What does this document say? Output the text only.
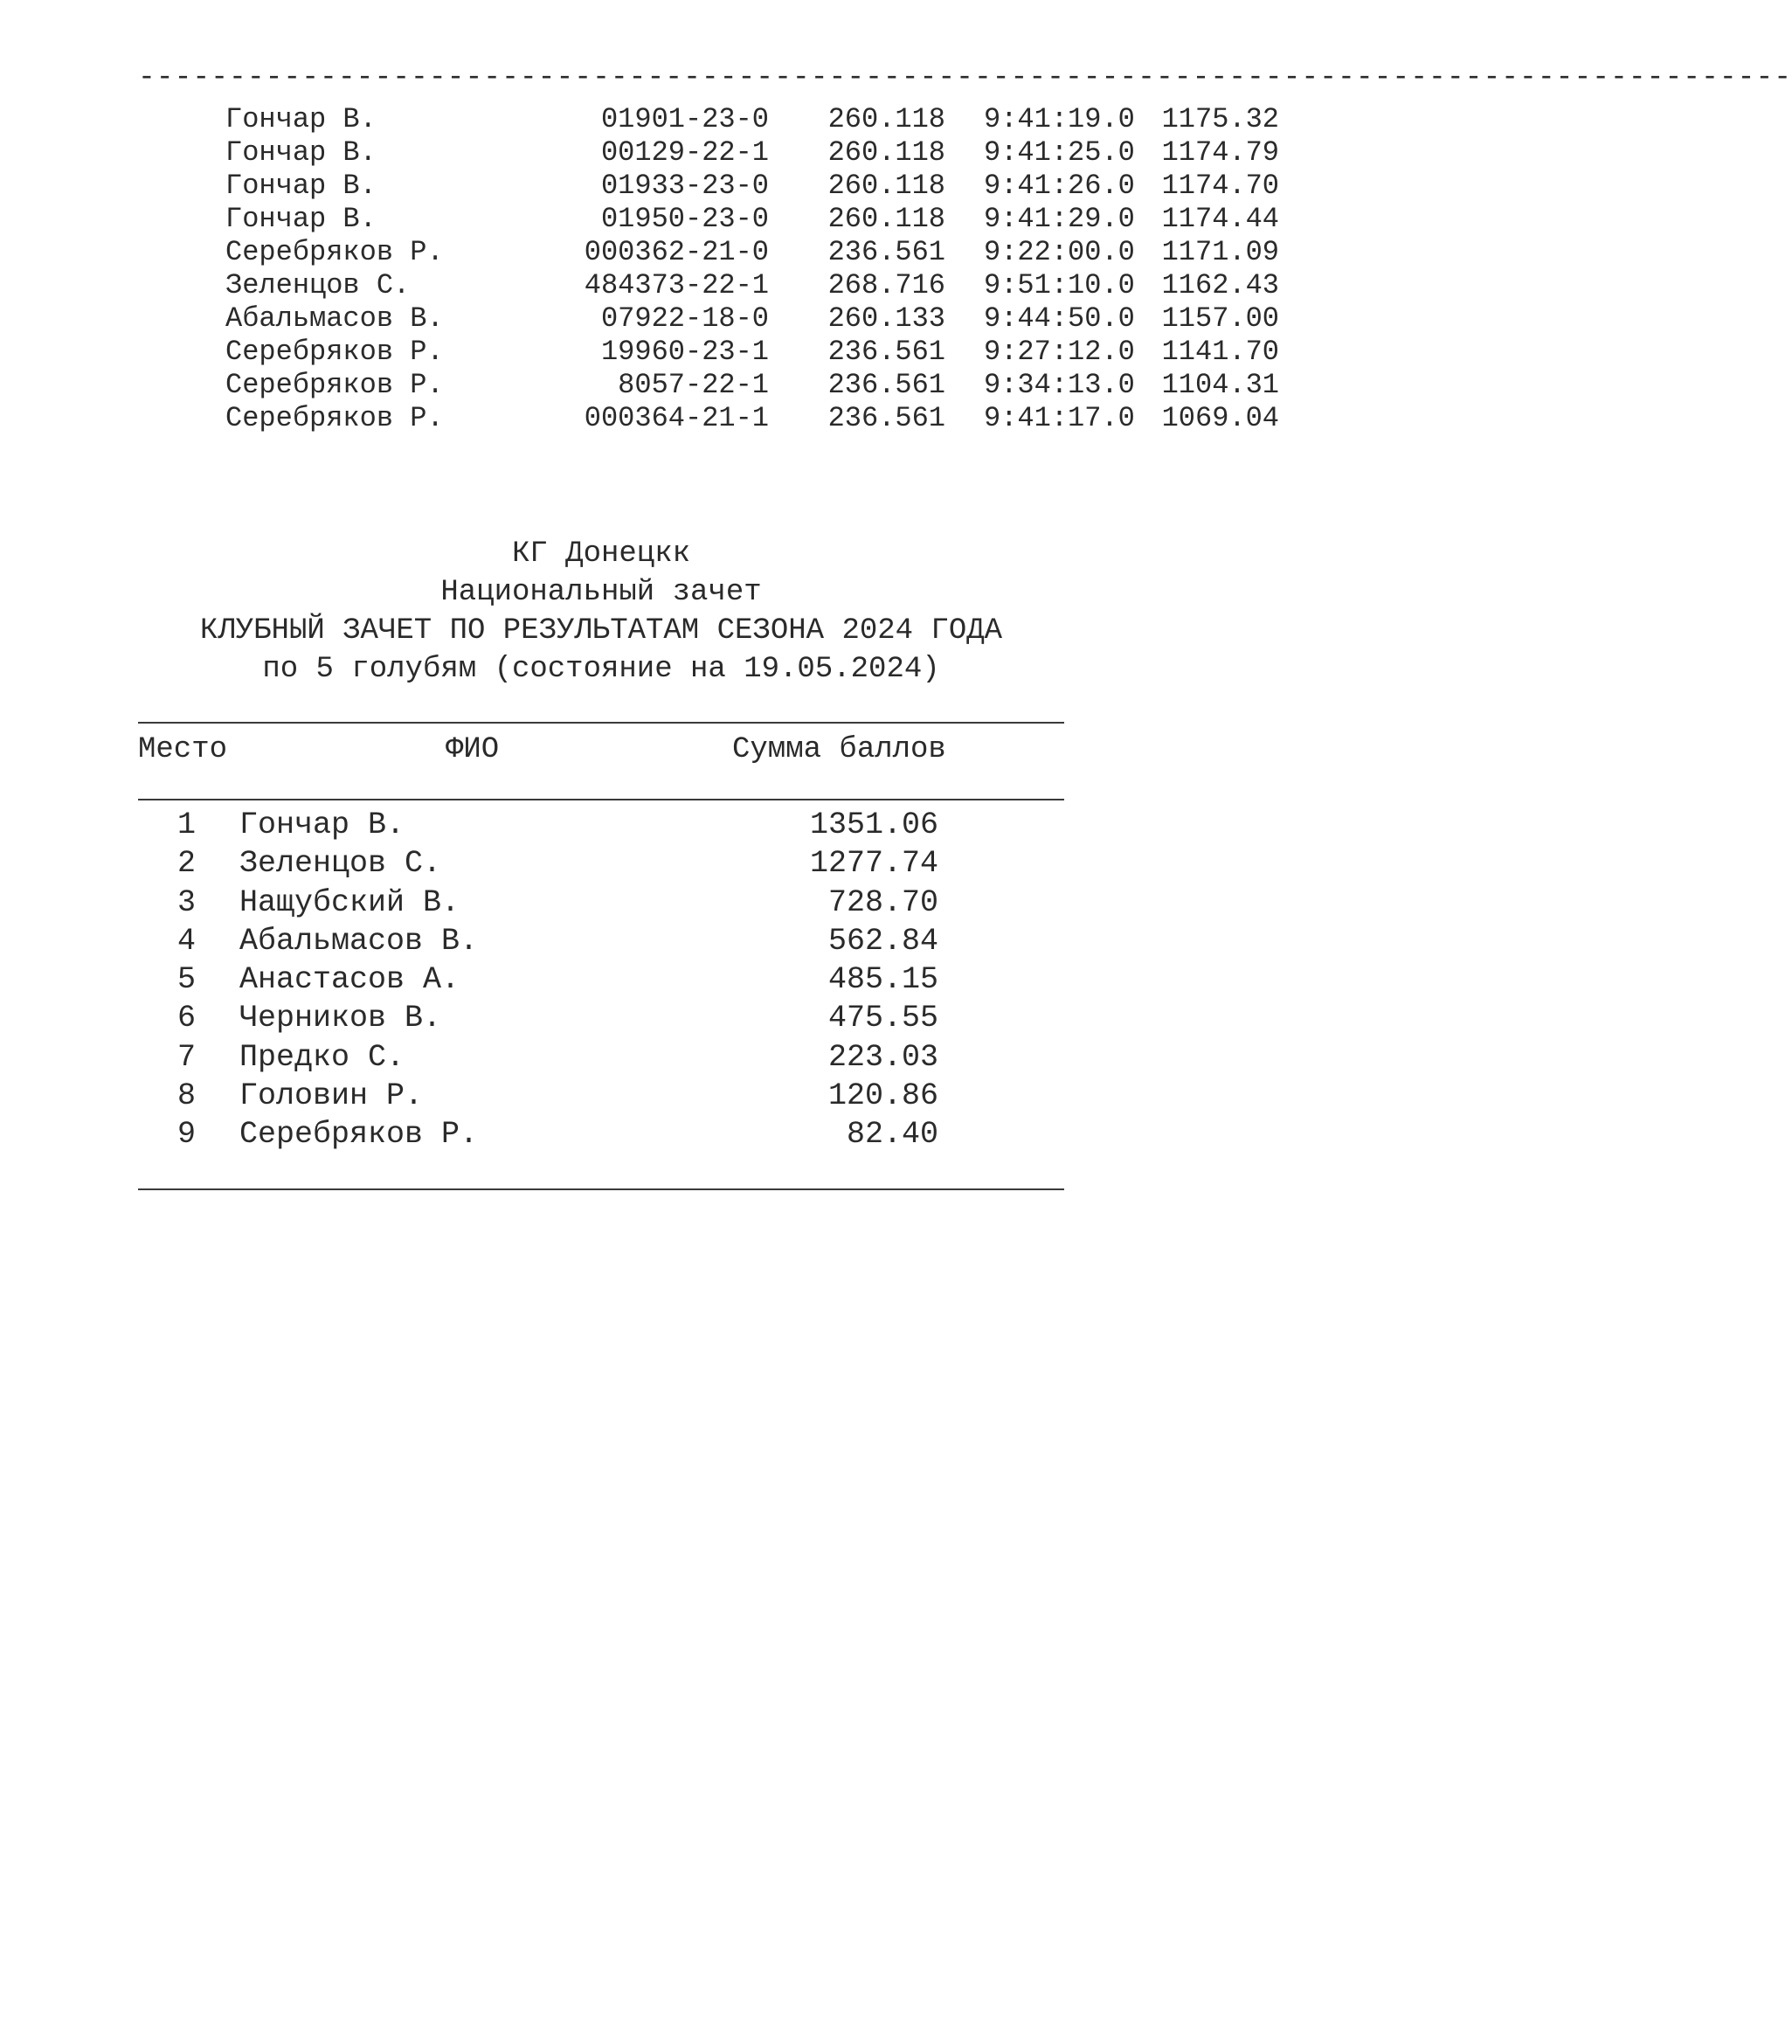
-------------------------------------------------------------------------------------------
Гончар В.	01901-23-0 260.118 9:41:19.0 1175.32
Гончар В.	00129-22-1 260.118 9:41:25.0 1174.79
Гончар В.	01933-23-0 260.118 9:41:26.0 1174.70
Гончар В.	01950-23-0 260.118 9:41:29.0 1174.44
Серебряков Р.	000362-21-0 236.561 9:22:00.0 1171.09
Зеленцов С.	484373-22-1 268.716 9:51:10.0 1162.43
Абальмасов В.	07922-18-0 260.133 9:44:50.0 1157.00
Серебряков Р.	19960-23-1 236.561 9:27:12.0 1141.70
Серебряков Р.	8057-22-1 236.561 9:34:13.0 1104.31
Серебряков Р.	000364-21-1 236.561 9:41:17.0 1069.04
КГ Донецкк
Национальный зачет
КЛУБНЫЙ ЗАЧЕТ ПО РЕЗУЛЬТАТАМ СЕЗОНА 2024 ГОДА
по 5 голубям (состояние на 19.05.2024)
Место	ФИО	Сумма баллов
1 Гончар В.	1351.06
2 Зеленцов С.	1277.74
3 Нащубский В.	728.70
4 Абальмасов В.	562.84
5 Анастасов А.	485.15
6 Черников В.	475.55
7 Предко С.	223.03
8 Головин Р.	120.86
9 Серебряков Р.	82.40
